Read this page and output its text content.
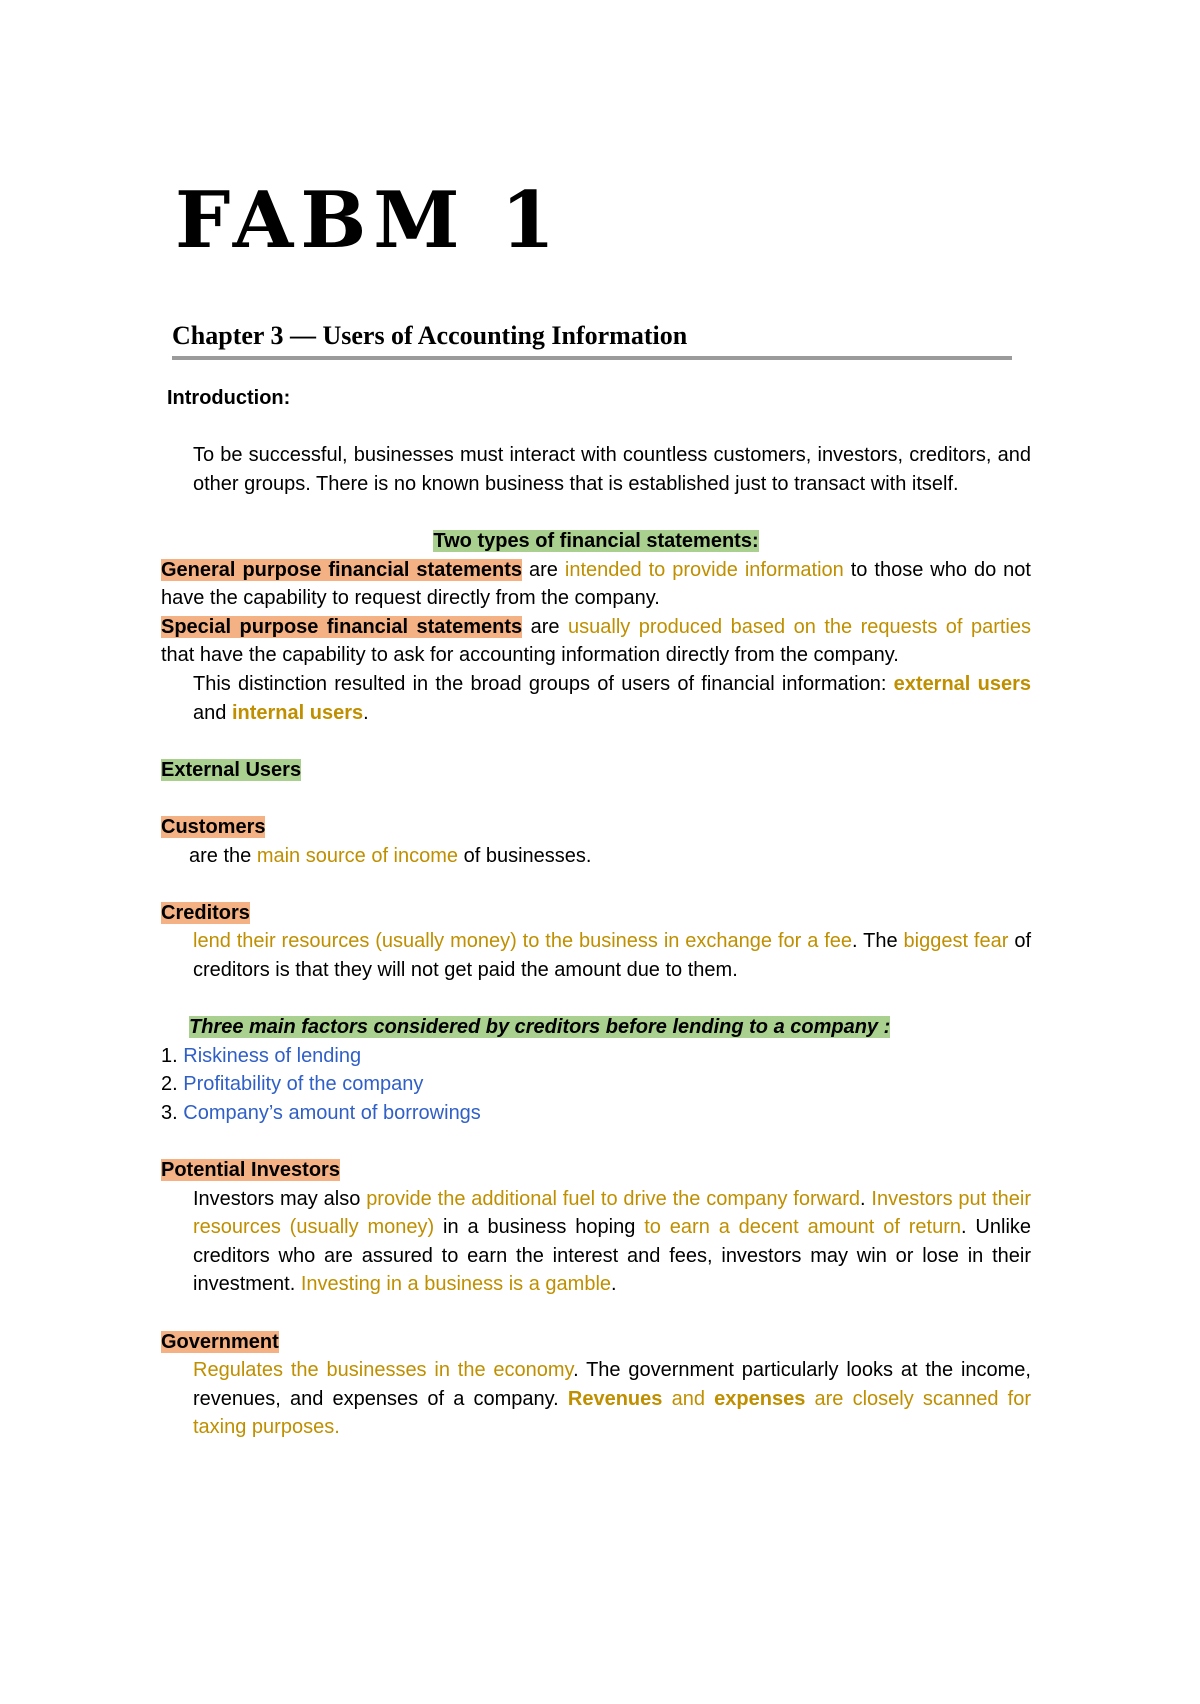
FABM 1
Chapter 3 — Users of Accounting Information

Introduction:

To be successful, businesses must interact with countless customers, investors, creditors, and other groups. There is no known business that is established just to transact with itself.

Two types of financial statements:

General purpose financial statements are intended to provide information to those who do not have the capability to request directly from the company.

Special purpose financial statements are usually produced based on the requests of parties that have the capability to ask for accounting information directly from the company.

This distinction resulted in the broad groups of users of financial information: external users and internal users.

External Users

Customers

are the main source of income of businesses.

Creditors

lend their resources (usually money) to the business in exchange for a fee. The biggest fear of creditors is that they will not get paid the amount due to them.

Three main factors considered by creditors before lending to a company :

1. Riskiness of lending

2. Profitability of the company

3. Company’s amount of borrowings

Potential Investors

Investors may also provide the additional fuel to drive the company forward. Investors put their resources (usually money) in a business hoping to earn a decent amount of return. Unlike creditors who are assured to earn the interest and fees, investors may win or lose in their investment. Investing in a business is a gamble.

Government

Regulates the businesses in the economy. The government particularly looks at the income, revenues, and expenses of a company. Revenues and expenses are closely scanned for taxing purposes.
